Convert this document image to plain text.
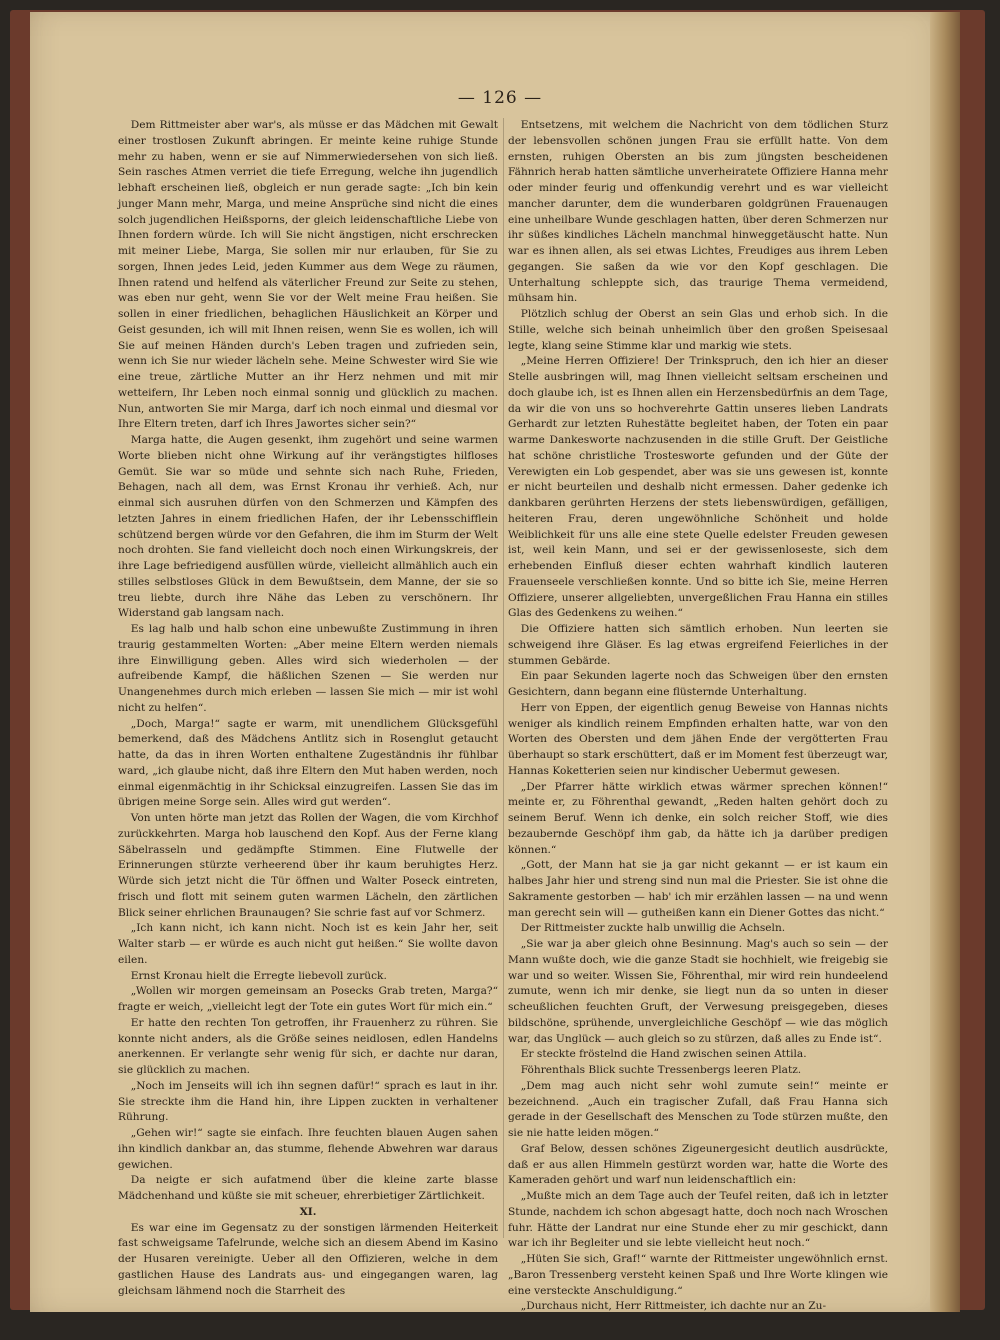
— 126 —

Dem Rittmeister aber war's, als müsse er das Mädchen mit Gewalt einer trostlosen Zukunft abringen. Er meinte keine ruhige Stunde mehr zu haben, wenn er sie auf Nimmerwiedersehen von sich ließ. Sein rasches Atmen verriet die tiefe Erregung, welche ihn jugendlich lebhaft erscheinen ließ, obgleich er nun gerade sagte: „Ich bin kein junger Mann mehr, Marga, und meine Ansprüche sind nicht die eines solch jugendlichen Heißsporns, der gleich leidenschaftliche Liebe von Ihnen fordern würde. Ich will Sie nicht ängstigen, nicht erschrecken mit meiner Liebe, Marga, Sie sollen mir nur erlauben, für Sie zu sorgen, Ihnen jedes Leid, jeden Kummer aus dem Wege zu räumen, Ihnen ratend und helfend als väterlicher Freund zur Seite zu stehen, was eben nur geht, wenn Sie vor der Welt meine Frau heißen. Sie sollen in einer friedlichen, behaglichen Häuslichkeit an Körper und Geist gesunden, ich will mit Ihnen reisen, wenn Sie es wollen, ich will Sie auf meinen Händen durch's Leben tragen und zufrieden sein, wenn ich Sie nur wieder lächeln sehe. Meine Schwester wird Sie wie eine treue, zärtliche Mutter an ihr Herz nehmen und mit mir wetteifern, Ihr Leben noch einmal sonnig und glücklich zu machen. Nun, antworten Sie mir Marga, darf ich noch einmal und diesmal vor Ihre Eltern treten, darf ich Ihres Jawortes sicher sein?“

Marga hatte, die Augen gesenkt, ihm zugehört und seine warmen Worte blieben nicht ohne Wirkung auf ihr verängstigtes hilfloses Gemüt. Sie war so müde und sehnte sich nach Ruhe, Frieden, Behagen, nach all dem, was Ernst Kronau ihr verhieß. Ach, nur einmal sich ausruhen dürfen von den Schmerzen und Kämpfen des letzten Jahres in einem friedlichen Hafen, der ihr Lebensschifflein schützend bergen würde vor den Gefahren, die ihm im Sturm der Welt noch drohten. Sie fand vielleicht doch noch einen Wirkungskreis, der ihre Lage befriedigend ausfüllen würde, vielleicht allmählich auch ein stilles selbstloses Glück in dem Bewußtsein, dem Manne, der sie so treu liebte, durch ihre Nähe das Leben zu verschönern. Ihr Widerstand gab langsam nach.

Es lag halb und halb schon eine unbewußte Zustimmung in ihren traurig gestammelten Worten: „Aber meine Eltern werden niemals ihre Einwilligung geben. Alles wird sich wiederholen — der aufreibende Kampf, die häßlichen Szenen — Sie werden nur Unangenehmes durch mich erleben — lassen Sie mich — mir ist wohl nicht zu helfen“.

„Doch, Marga!“ sagte er warm, mit unendlichem Glücksgefühl bemerkend, daß des Mädchens Antlitz sich in Rosenglut getaucht hatte, da das in ihren Worten enthaltene Zugeständnis ihr fühlbar ward, „ich glaube nicht, daß ihre Eltern den Mut haben werden, noch einmal eigenmächtig in ihr Schicksal einzugreifen. Lassen Sie das im übrigen meine Sorge sein. Alles wird gut werden“.

Von unten hörte man jetzt das Rollen der Wagen, die vom Kirchhof zurückkehrten. Marga hob lauschend den Kopf. Aus der Ferne klang Säbelrasseln und gedämpfte Stimmen. Eine Flutwelle der Erinnerungen stürzte verheerend über ihr kaum beruhigtes Herz. Würde sich jetzt nicht die Tür öffnen und Walter Poseck eintreten, frisch und flott mit seinem guten warmen Lächeln, den zärtlichen Blick seiner ehrlichen Braunaugen? Sie schrie fast auf vor Schmerz.

„Ich kann nicht, ich kann nicht. Noch ist es kein Jahr her, seit Walter starb — er würde es auch nicht gut heißen.“ Sie wollte davon eilen.

Ernst Kronau hielt die Erregte liebevoll zurück.

„Wollen wir morgen gemeinsam an Posecks Grab treten, Marga?“ fragte er weich, „vielleicht legt der Tote ein gutes Wort für mich ein.“

Er hatte den rechten Ton getroffen, ihr Frauenherz zu rühren. Sie konnte nicht anders, als die Größe seines neidlosen, edlen Handelns anerkennen. Er verlangte sehr wenig für sich, er dachte nur daran, sie glücklich zu machen.

„Noch im Jenseits will ich ihn segnen dafür!“ sprach es laut in ihr. Sie streckte ihm die Hand hin, ihre Lippen zuckten in verhaltener Rührung.

„Gehen wir!“ sagte sie einfach. Ihre feuchten blauen Augen sahen ihn kindlich dankbar an, das stumme, flehende Abwehren war daraus gewichen.

Da neigte er sich aufatmend über die kleine zarte blasse Mädchenhand und küßte sie mit scheuer, ehrerbietiger Zärtlichkeit.

XI.

Es war eine im Gegensatz zu der sonstigen lärmenden Heiterkeit fast schweigsame Tafelrunde, welche sich an diesem Abend im Kasino der Husaren vereinigte. Ueber all den Offizieren, welche in dem gastlichen Hause des Landrats aus- und eingegangen waren, lag gleichsam lähmend noch die Starrheit des

Entsetzens, mit welchem die Nachricht von dem tödlichen Sturz der lebensvollen schönen jungen Frau sie erfüllt hatte. Von dem ernsten, ruhigen Obersten an bis zum jüngsten bescheidenen Fähnrich herab hatten sämtliche unverheiratete Offiziere Hanna mehr oder minder feurig und offenkundig verehrt und es war vielleicht mancher darunter, dem die wunderbaren goldgrünen Frauenaugen eine unheilbare Wunde geschlagen hatten, über deren Schmerzen nur ihr süßes kindliches Lächeln manchmal hinweggetäuscht hatte. Nun war es ihnen allen, als sei etwas Lichtes, Freudiges aus ihrem Leben gegangen. Sie saßen da wie vor den Kopf geschlagen. Die Unterhaltung schleppte sich, das traurige Thema vermeidend, mühsam hin.

Plötzlich schlug der Oberst an sein Glas und erhob sich. In die Stille, welche sich beinah unheimlich über den großen Speisesaal legte, klang seine Stimme klar und markig wie stets.

„Meine Herren Offiziere! Der Trinkspruch, den ich hier an dieser Stelle ausbringen will, mag Ihnen vielleicht seltsam erscheinen und doch glaube ich, ist es Ihnen allen ein Herzensbedürfnis an dem Tage, da wir die von uns so hochverehrte Gattin unseres lieben Landrats Gerhardt zur letzten Ruhestätte begleitet haben, der Toten ein paar warme Dankesworte nachzusenden in die stille Gruft. Der Geistliche hat schöne christliche Trostesworte gefunden und der Güte der Verewigten ein Lob gespendet, aber was sie uns gewesen ist, konnte er nicht beurteilen und deshalb nicht ermessen. Daher gedenke ich dankbaren gerührten Herzens der stets liebenswürdigen, gefälligen, heiteren Frau, deren ungewöhnliche Schönheit und holde Weiblichkeit für uns alle eine stete Quelle edelster Freuden gewesen ist, weil kein Mann, und sei er der gewissenloseste, sich dem erhebenden Einfluß dieser echten wahrhaft kindlich lauteren Frauenseele verschließen konnte. Und so bitte ich Sie, meine Herren Offiziere, unserer allgeliebten, unvergeßlichen Frau Hanna ein stilles Glas des Gedenkens zu weihen.“

Die Offiziere hatten sich sämtlich erhoben. Nun leerten sie schweigend ihre Gläser. Es lag etwas ergreifend Feierliches in der stummen Gebärde.

Ein paar Sekunden lagerte noch das Schweigen über den ernsten Gesichtern, dann begann eine flüsternde Unterhaltung.

Herr von Eppen, der eigentlich genug Beweise von Hannas nichts weniger als kindlich reinem Empfinden erhalten hatte, war von den Worten des Obersten und dem jähen Ende der vergötterten Frau überhaupt so stark erschüttert, daß er im Moment fest überzeugt war, Hannas Koketterien seien nur kindischer Uebermut gewesen.

„Der Pfarrer hätte wirklich etwas wärmer sprechen können!“ meinte er, zu Föhrenthal gewandt, „Reden halten gehört doch zu seinem Beruf. Wenn ich denke, ein solch reicher Stoff, wie dies bezaubernde Geschöpf ihm gab, da hätte ich ja darüber predigen können.“

„Gott, der Mann hat sie ja gar nicht gekannt — er ist kaum ein halbes Jahr hier und streng sind nun mal die Priester. Sie ist ohne die Sakramente gestorben — hab' ich mir erzählen lassen — na und wenn man gerecht sein will — gutheißen kann ein Diener Gottes das nicht.“

Der Rittmeister zuckte halb unwillig die Achseln.

„Sie war ja aber gleich ohne Besinnung. Mag's auch so sein — der Mann wußte doch, wie die ganze Stadt sie hochhielt, wie freigebig sie war und so weiter. Wissen Sie, Föhrenthal, mir wird rein hundeelend zumute, wenn ich mir denke, sie liegt nun da so unten in dieser scheußlichen feuchten Gruft, der Verwesung preisgegeben, dieses bildschöne, sprühende, unvergleichliche Geschöpf — wie das möglich war, das Unglück — auch gleich so zu stürzen, daß alles zu Ende ist“.

Er steckte fröstelnd die Hand zwischen seinen Attila.

Föhrenthals Blick suchte Tressenbergs leeren Platz.

„Dem mag auch nicht sehr wohl zumute sein!“ meinte er bezeichnend. „Auch ein tragischer Zufall, daß Frau Hanna sich gerade in der Gesellschaft des Menschen zu Tode stürzen mußte, den sie nie hatte leiden mögen.“

Graf Below, dessen schönes Zigeunergesicht deutlich ausdrückte, daß er aus allen Himmeln gestürzt worden war, hatte die Worte des Kameraden gehört und warf nun leidenschaftlich ein:

„Mußte mich an dem Tage auch der Teufel reiten, daß ich in letzter Stunde, nachdem ich schon abgesagt hatte, doch noch nach Wroschen fuhr. Hätte der Landrat nur eine Stunde eher zu mir geschickt, dann war ich ihr Begleiter und sie lebte vielleicht heut noch.“

„Hüten Sie sich, Graf!“ warnte der Rittmeister ungewöhnlich ernst. „Baron Tressenberg versteht keinen Spaß und Ihre Worte klingen wie eine versteckte Anschuldigung.“

„Durchaus nicht, Herr Rittmeister, ich dachte nur an Zu-
